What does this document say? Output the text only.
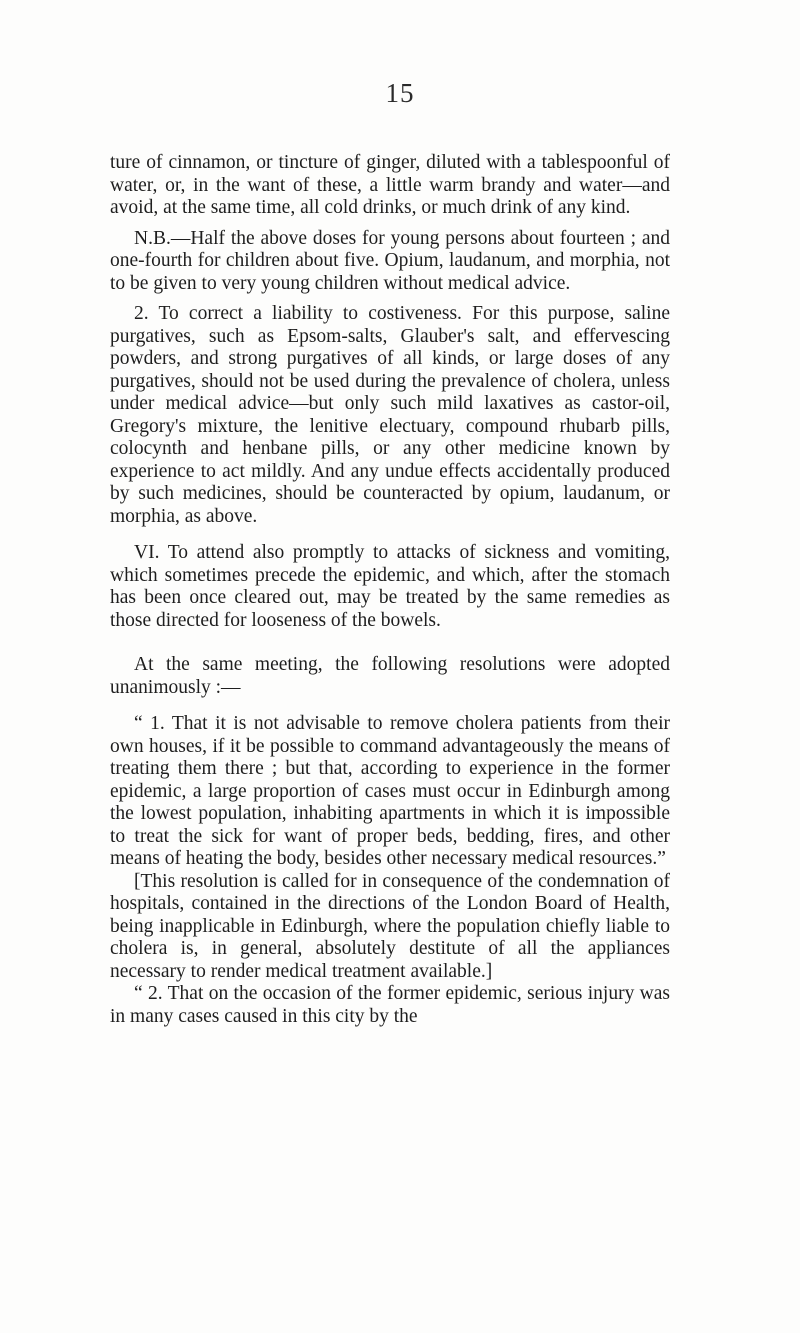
15

ture of cinnamon, or tincture of ginger, diluted with a tablespoonful of water, or, in the want of these, a little warm brandy and water—and avoid, at the same time, all cold drinks, or much drink of any kind.

N.B.—Half the above doses for young persons about fourteen ; and one-fourth for children about five. Opium, laudanum, and morphia, not to be given to very young children without medical advice.

2. To correct a liability to costiveness. For this purpose, saline purgatives, such as Epsom-salts, Glauber's salt, and effervescing powders, and strong purgatives of all kinds, or large doses of any purgatives, should not be used during the prevalence of cholera, unless under medical advice—but only such mild laxatives as castor-oil, Gregory's mixture, the lenitive electuary, compound rhubarb pills, colocynth and henbane pills, or any other medicine known by experience to act mildly. And any undue effects accidentally produced by such medicines, should be counteracted by opium, laudanum, or morphia, as above.

VI. To attend also promptly to attacks of sickness and vomiting, which sometimes precede the epidemic, and which, after the stomach has been once cleared out, may be treated by the same remedies as those directed for looseness of the bowels.

At the same meeting, the following resolutions were adopted unanimously :—

“ 1. That it is not advisable to remove cholera patients from their own houses, if it be possible to command advantageously the means of treating them there ; but that, according to experience in the former epidemic, a large proportion of cases must occur in Edinburgh among the lowest population, inhabiting apartments in which it is impossible to treat the sick for want of proper beds, bedding, fires, and other means of heating the body, besides other necessary medical resources.”

[This resolution is called for in consequence of the condemnation of hospitals, contained in the directions of the London Board of Health, being inapplicable in Edinburgh, where the population chiefly liable to cholera is, in general, absolutely destitute of all the appliances necessary to render medical treatment available.]

“ 2. That on the occasion of the former epidemic, serious injury was in many cases caused in this city by the
